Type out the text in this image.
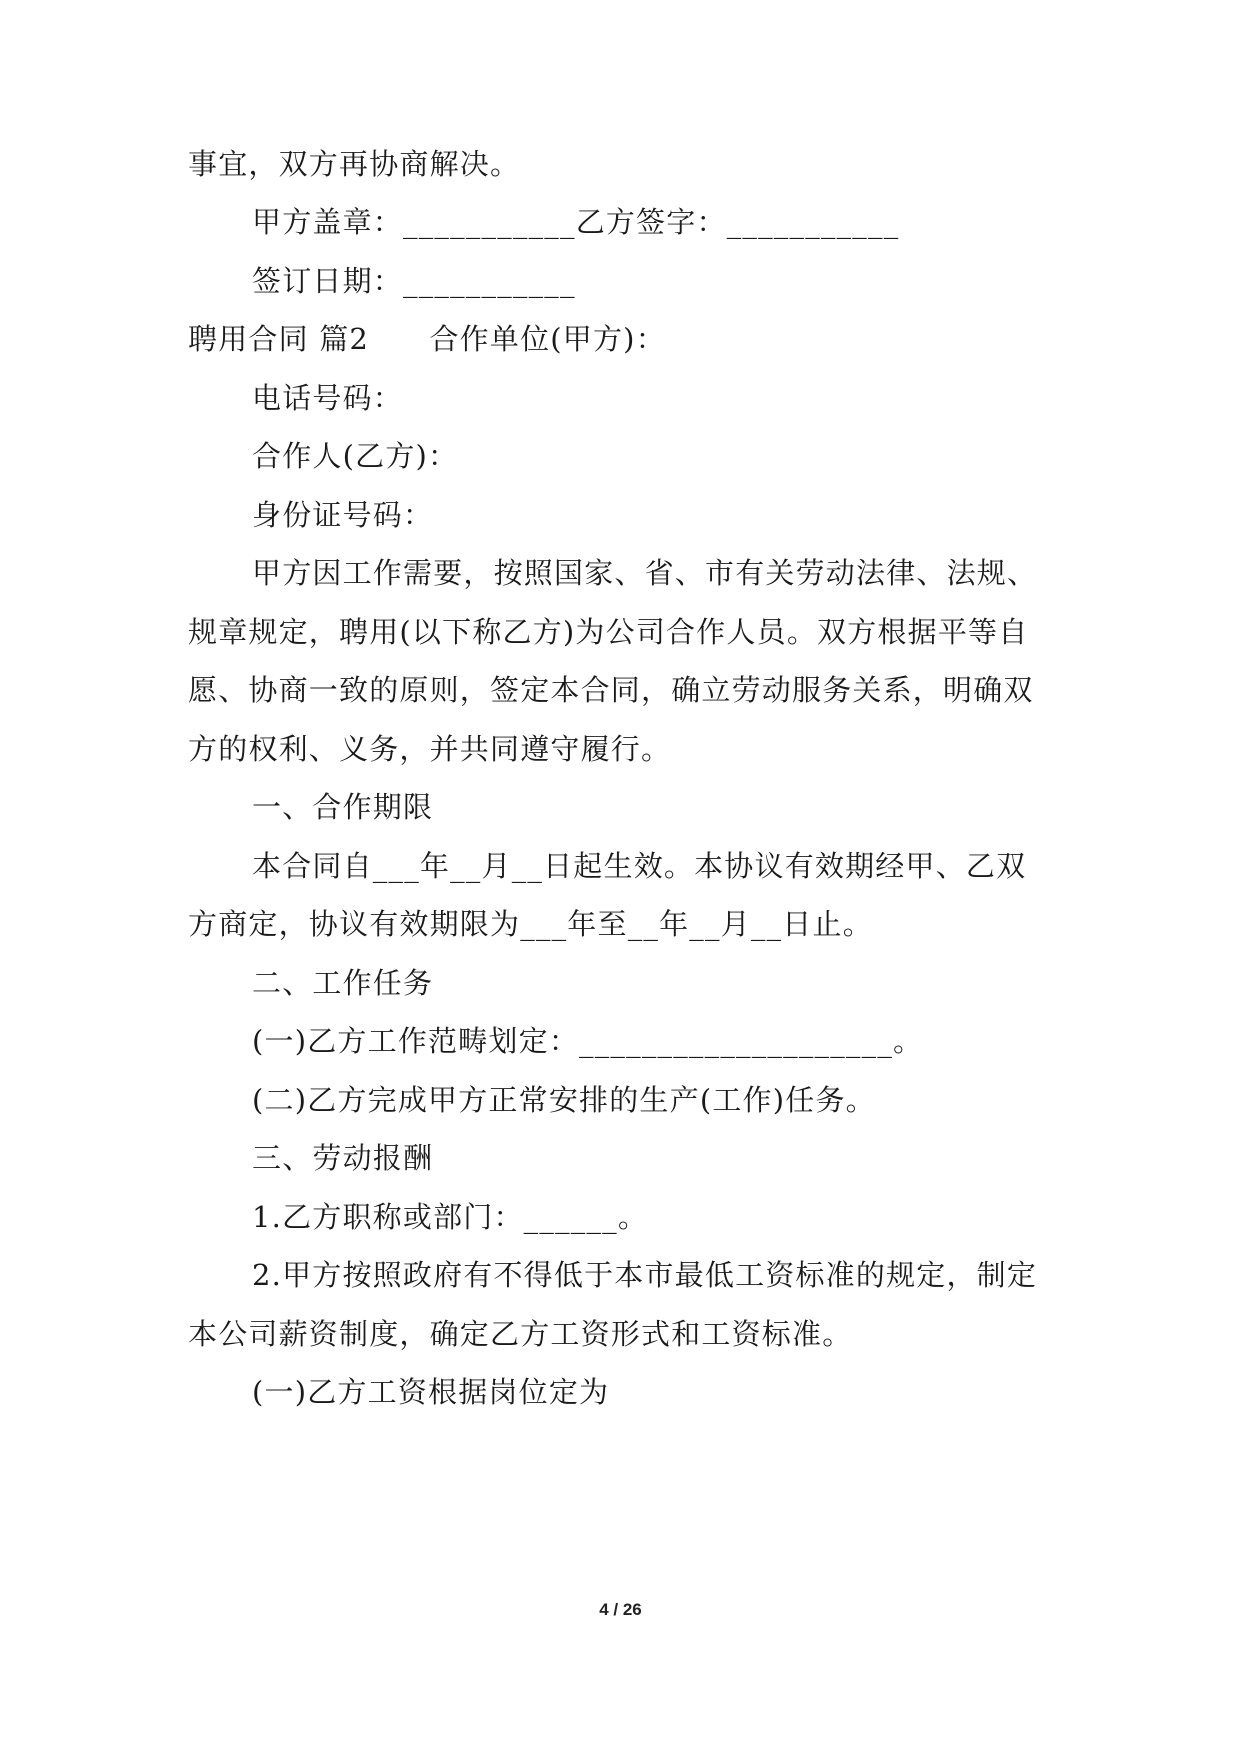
事宜，双方再协商解决。
甲方盖章：___________乙方签字：___________
签订日期：___________
聘用合同 篇2　　合作单位(甲方)：
电话号码：
合作人(乙方)：
身份证号码：
甲方因工作需要，按照国家、省、市有关劳动法律、法规、
规章规定，聘用(以下称乙方)为公司合作人员。双方根据平等自
愿、协商一致的原则，签定本合同，确立劳动服务关系，明确双
方的权利、义务，并共同遵守履行。
一、合作期限
本合同自___年__月__日起生效。本协议有效期经甲、乙双
方商定，协议有效期限为___年至__年__月__日止。
二、工作任务
(一)乙方工作范畴划定：____________________。
(二)乙方完成甲方正常安排的生产(工作)任务。
三、劳动报酬
1.乙方职称或部门：______。
2.甲方按照政府有不得低于本市最低工资标准的规定，制定
本公司薪资制度，确定乙方工资形式和工资标准。
(一)乙方工资根据岗位定为
4 / 26
